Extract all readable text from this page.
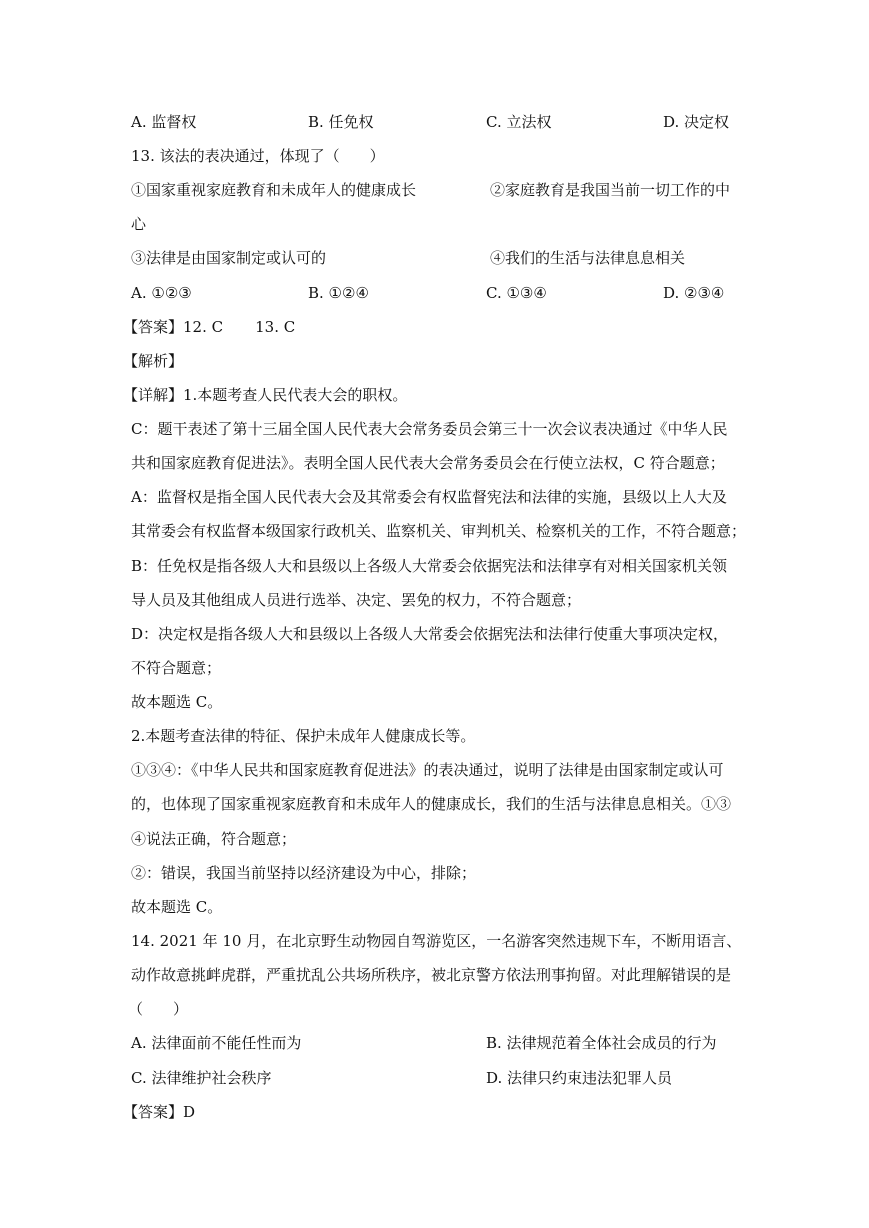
A. 监督权	B. 任免权	C. 立法权	D. 决定权
13. 该法的表决通过，体现了（　　）
①国家重视家庭教育和未成年人的健康成长	②家庭教育是我国当前一切工作的中
心
③法律是由国家制定或认可的	④我们的生活与法律息息相关
A. ①②③	B. ①②④	C. ①③④	D. ②③④
【答案】12. C 13. C
【解析】
【详解】1.本题考查人民代表大会的职权。
C：题干表述了第十三届全国人民代表大会常务委员会第三十一次会议表决通过《中华人民
共和国家庭教育促进法》。表明全国人民代表大会常务委员会在行使立法权，C 符合题意；
A：监督权是指全国人民代表大会及其常委会有权监督宪法和法律的实施，县级以上人大及
其常委会有权监督本级国家行政机关、监察机关、审判机关、检察机关的工作，不符合题意；
B：任免权是指各级人大和县级以上各级人大常委会依据宪法和法律享有对相关国家机关领
导人员及其他组成人员进行选举、决定、罢免的权力，不符合题意；
D：决定权是指各级人大和县级以上各级人大常委会依据宪法和法律行使重大事项决定权，
不符合题意；
故本题选 C。
2.本题考查法律的特征、保护未成年人健康成长等。
①③④：《中华人民共和国家庭教育促进法》的表决通过，说明了法律是由国家制定或认可
的，也体现了国家重视家庭教育和未成年人的健康成长，我们的生活与法律息息相关。①③
④说法正确，符合题意；
②：错误，我国当前坚持以经济建设为中心，排除；
故本题选 C。
14. 2021 年 10 月，在北京野生动物园自驾游览区，一名游客突然违规下车，不断用语言、
动作故意挑衅虎群，严重扰乱公共场所秩序，被北京警方依法刑事拘留。对此理解错误的是
（　　）
A. 法律面前不能任性而为	B. 法律规范着全体社会成员的行为
C. 法律维护社会秩序	D. 法律只约束违法犯罪人员
【答案】D
